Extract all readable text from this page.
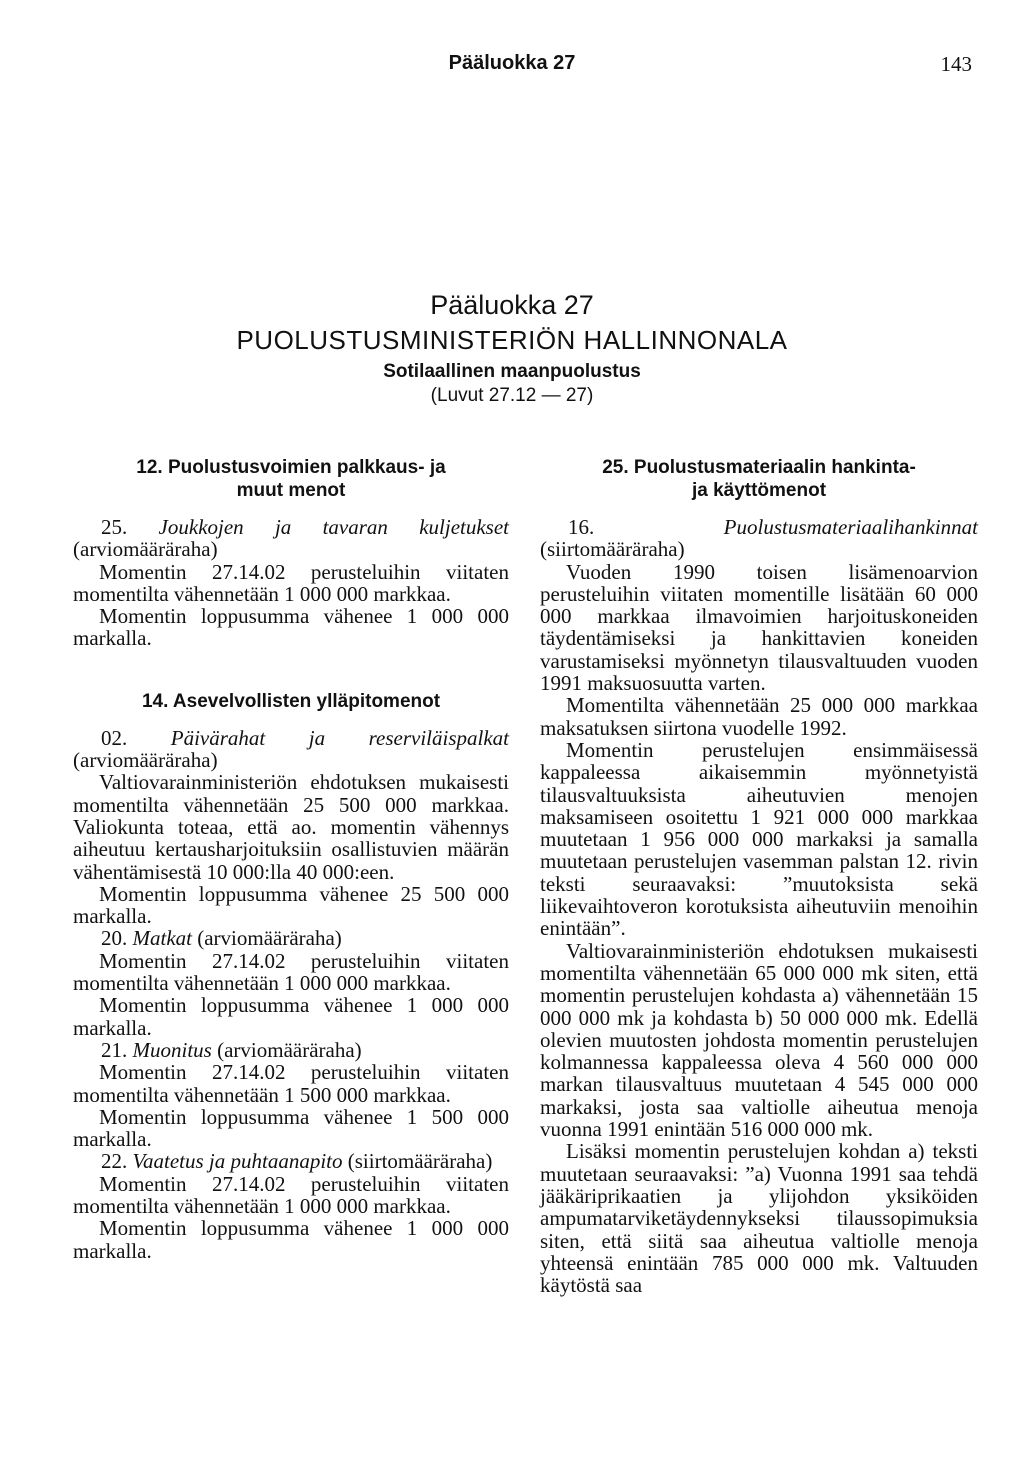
Pääluokka 27	143
Pääluokka 27
PUOLUSTUSMINISTERIÖN HALLINNONALA
Sotilaallinen maanpuolustus
(Luvut 27.12 — 27)
12. Puolustusvoimien palkkaus- ja
muut menot

25. Joukkojen ja tavaran kuljetukset (arviomääräraha)

Momentin 27.14.02 perusteluihin viitaten momentilta vähennetään 1 000 000 markkaa.

Momentin loppusumma vähenee 1 000 000 markalla.

14. Asevelvollisten ylläpitomenot

02. Päivärahat ja reserviläispalkat (arviomääräraha)

Valtiovarainministeriön ehdotuksen mukaisesti momentilta vähennetään 25 500 000 markkaa. Valiokunta toteaa, että ao. momentin vähennys aiheutuu kertausharjoituksiin osallistuvien määrän vähentämisestä 10 000:lla 40 000:een.

Momentin loppusumma vähenee 25 500 000 markalla.

20. Matkat (arviomääräraha)

Momentin 27.14.02 perusteluihin viitaten momentilta vähennetään 1 000 000 markkaa.

Momentin loppusumma vähenee 1 000 000 markalla.

21. Muonitus (arviomääräraha)

Momentin 27.14.02 perusteluihin viitaten momentilta vähennetään 1 500 000 markkaa.

Momentin loppusumma vähenee 1 500 000 markalla.

22. Vaatetus ja puhtaanapito (siirtomääräraha)

Momentin 27.14.02 perusteluihin viitaten momentilta vähennetään 1 000 000 markkaa.

Momentin loppusumma vähenee 1 000 000 markalla.

25. Puolustusmateriaalin hankinta-
ja käyttömenot

16.	Puolustusmateriaalihankinnat (siirtomääräraha)

Vuoden 1990 toisen lisämenoarvion perusteluihin viitaten momentille lisätään 60 000 000 markkaa ilmavoimien harjoituskoneiden täydentämiseksi ja hankittavien koneiden varustamiseksi myönnetyn tilausvaltuuden vuoden 1991 maksuosuutta varten.

Momentilta vähennetään 25 000 000 markkaa maksatuksen siirtona vuodelle 1992.

Momentin perustelujen ensimmäisessä kappaleessa aikaisemmin myönnetyistä tilausvaltuuksista aiheutuvien menojen maksamiseen osoitettu 1 921 000 000 markkaa muutetaan 1 956 000 000 markaksi ja samalla muutetaan perustelujen vasemman palstan 12. rivin teksti seuraavaksi: ”muutoksista sekä liikevaihtoveron korotuksista aiheutuviin menoihin enintään”.

Valtiovarainministeriön ehdotuksen mukaisesti momentilta vähennetään 65 000 000 mk siten, että momentin perustelujen kohdasta a) vähennetään 15 000 000 mk ja kohdasta b) 50 000 000 mk. Edellä olevien muutosten johdosta momentin perustelujen kolmannessa kappaleessa oleva 4 560 000 000 markan tilausvaltuus muutetaan 4 545 000 000 markaksi, josta saa valtiolle aiheutua menoja vuonna 1991 enintään 516 000 000 mk.

Lisäksi momentin perustelujen kohdan a) teksti muutetaan seuraavaksi: ”a) Vuonna 1991 saa tehdä jääkäriprikaatien ja ylijohdon yksiköiden ampumatarviketäydennykseksi tilaussopimuksia siten, että siitä saa aiheutua valtiolle menoja yhteensä enintään 785 000 000 mk. Valtuuden käytöstä saa
